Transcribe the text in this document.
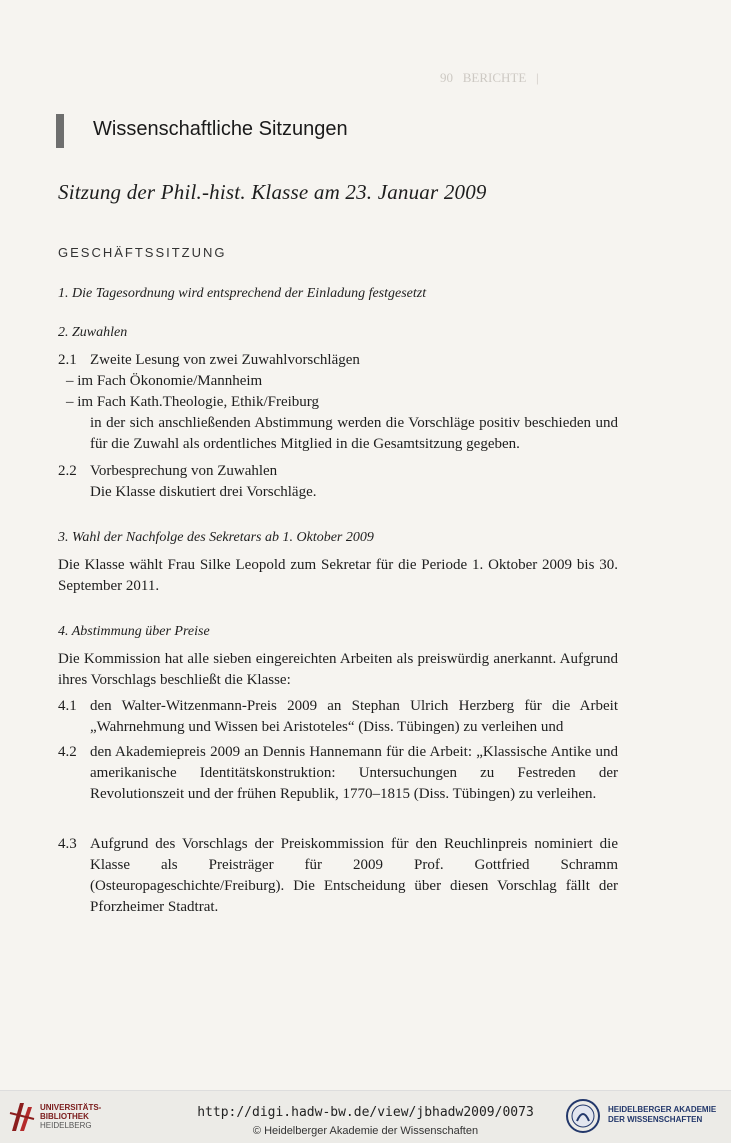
90   BERICHTE   |
Wissenschaftliche Sitzungen
Sitzung der Phil.-hist. Klasse am 23. Januar 2009
GESCHÄFTSSITZUNG
1. Die Tagesordnung wird entsprechend der Einladung festgesetzt
2. Zuwahlen
2.1 Zweite Lesung von zwei Zuwahlvorschlägen
– im Fach Ökonomie/Mannheim
– im Fach Kath.Theologie, Ethik/Freiburg
in der sich anschließenden Abstimmung werden die Vorschläge positiv beschieden und für die Zuwahl als ordentliches Mitglied in die Gesamtsitzung gegeben.
2.2 Vorbesprechung von Zuwahlen
Die Klasse diskutiert drei Vorschläge.
3. Wahl der Nachfolge des Sekretars ab 1. Oktober 2009
Die Klasse wählt Frau Silke Leopold zum Sekretar für die Periode 1. Oktober 2009 bis 30. September 2011.
4. Abstimmung über Preise
Die Kommission hat alle sieben eingereichten Arbeiten als preiswürdig anerkannt. Aufgrund ihres Vorschlags beschließt die Klasse:
4.1 den Walter-Witzenmann-Preis 2009 an Stephan Ulrich Herzberg für die Arbeit „Wahrnehmung und Wissen bei Aristoteles“ (Diss. Tübingen) zu verleihen und
4.2 den Akademiepreis 2009 an Dennis Hannemann für die Arbeit: „Klassische Antike und amerikanische Identitätskonstruktion: Untersuchungen zu Festreden der Revolutionszeit und der frühen Republik, 1770–1815 (Diss. Tübingen) zu verleihen.
4.3 Aufgrund des Vorschlags der Preiskommission für den Reuchlinpreis nominiert die Klasse als Preisträger für 2009 Prof. Gottfried Schramm (Osteuropageschichte/Freiburg). Die Entscheidung über diesen Vorschlag fällt der Pforzheimer Stadtrat.
UNIVERSITÄTS-
BIBLIOTHEK
HEIDELBERG
http://digi.hadw-bw.de/view/jbhadw2009/0073
© Heidelberger Akademie der Wissenschaften
HEIDELBERGER AKADEMIE
DER WISSENSCHAFTEN
